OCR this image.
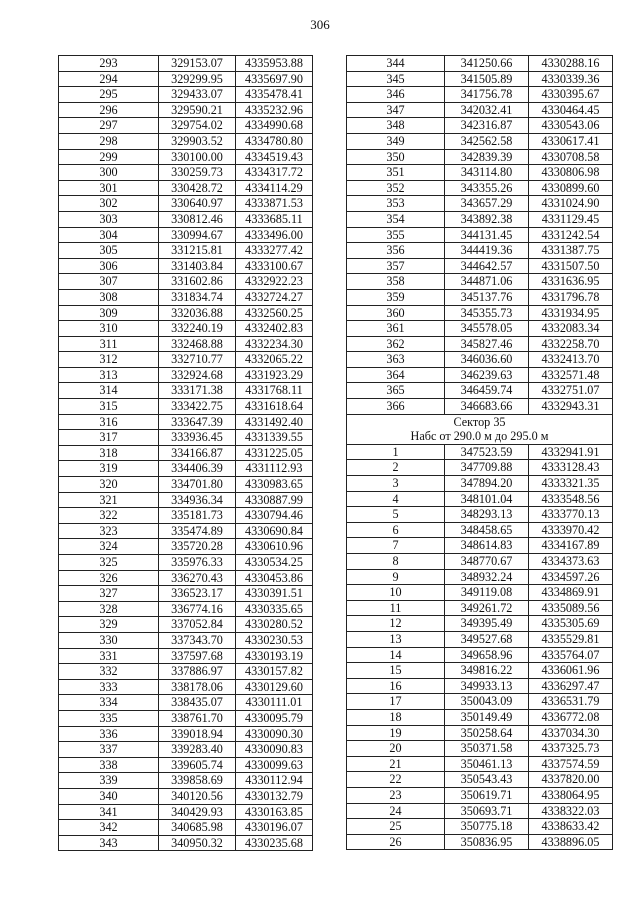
306
293	329153.07	4335953.88
294	329299.95	4335697.90
295	329433.07	4335478.41
296	329590.21	4335232.96
297	329754.02	4334990.68
298	329903.52	4334780.80
299	330100.00	4334519.43
300	330259.73	4334317.72
301	330428.72	4334114.29
302	330640.97	4333871.53
303	330812.46	4333685.11
304	330994.67	4333496.00
305	331215.81	4333277.42
306	331403.84	4333100.67
307	331602.86	4332922.23
308	331834.74	4332724.27
309	332036.88	4332560.25
310	332240.19	4332402.83
311	332468.88	4332234.30
312	332710.77	4332065.22
313	332924.68	4331923.29
314	333171.38	4331768.11
315	333422.75	4331618.64
316	333647.39	4331492.40
317	333936.45	4331339.55
318	334166.87	4331225.05
319	334406.39	4331112.93
320	334701.80	4330983.65
321	334936.34	4330887.99
322	335181.73	4330794.46
323	335474.89	4330690.84
324	335720.28	4330610.96
325	335976.33	4330534.25
326	336270.43	4330453.86
327	336523.17	4330391.51
328	336774.16	4330335.65
329	337052.84	4330280.52
330	337343.70	4330230.53
331	337597.68	4330193.19
332	337886.97	4330157.82
333	338178.06	4330129.60
334	338435.07	4330111.01
335	338761.70	4330095.79
336	339018.94	4330090.30
337	339283.40	4330090.83
338	339605.74	4330099.63
339	339858.69	4330112.94
340	340120.56	4330132.79
341	340429.93	4330163.85
342	340685.98	4330196.07
343	340950.32	4330235.68
344	341250.66	4330288.16
345	341505.89	4330339.36
346	341756.78	4330395.67
347	342032.41	4330464.45
348	342316.87	4330543.06
349	342562.58	4330617.41
350	342839.39	4330708.58
351	343114.80	4330806.98
352	343355.26	4330899.60
353	343657.29	4331024.90
354	343892.38	4331129.45
355	344131.45	4331242.54
356	344419.36	4331387.75
357	344642.57	4331507.50
358	344871.06	4331636.95
359	345137.76	4331796.78
360	345355.73	4331934.95
361	345578.05	4332083.34
362	345827.46	4332258.70
363	346036.60	4332413.70
364	346239.63	4332571.48
365	346459.74	4332751.07
366	346683.66	4332943.31
Сектор 35		
Набс от 290.0 м до 295.0 м		
1	347523.59	4332941.91
2	347709.88	4333128.43
3	347894.20	4333321.35
4	348101.04	4333548.56
5	348293.13	4333770.13
6	348458.65	4333970.42
7	348614.83	4334167.89
8	348770.67	4334373.63
9	348932.24	4334597.26
10	349119.08	4334869.91
11	349261.72	4335089.56
12	349395.49	4335305.69
13	349527.68	4335529.81
14	349658.96	4335764.07
15	349816.22	4336061.96
16	349933.13	4336297.47
17	350043.09	4336531.79
18	350149.49	4336772.08
19	350258.64	4337034.30
20	350371.58	4337325.73
21	350461.13	4337574.59
22	350543.43	4337820.00
23	350619.71	4338064.95
24	350693.71	4338322.03
25	350775.18	4338633.42
26	350836.95	4338896.05
